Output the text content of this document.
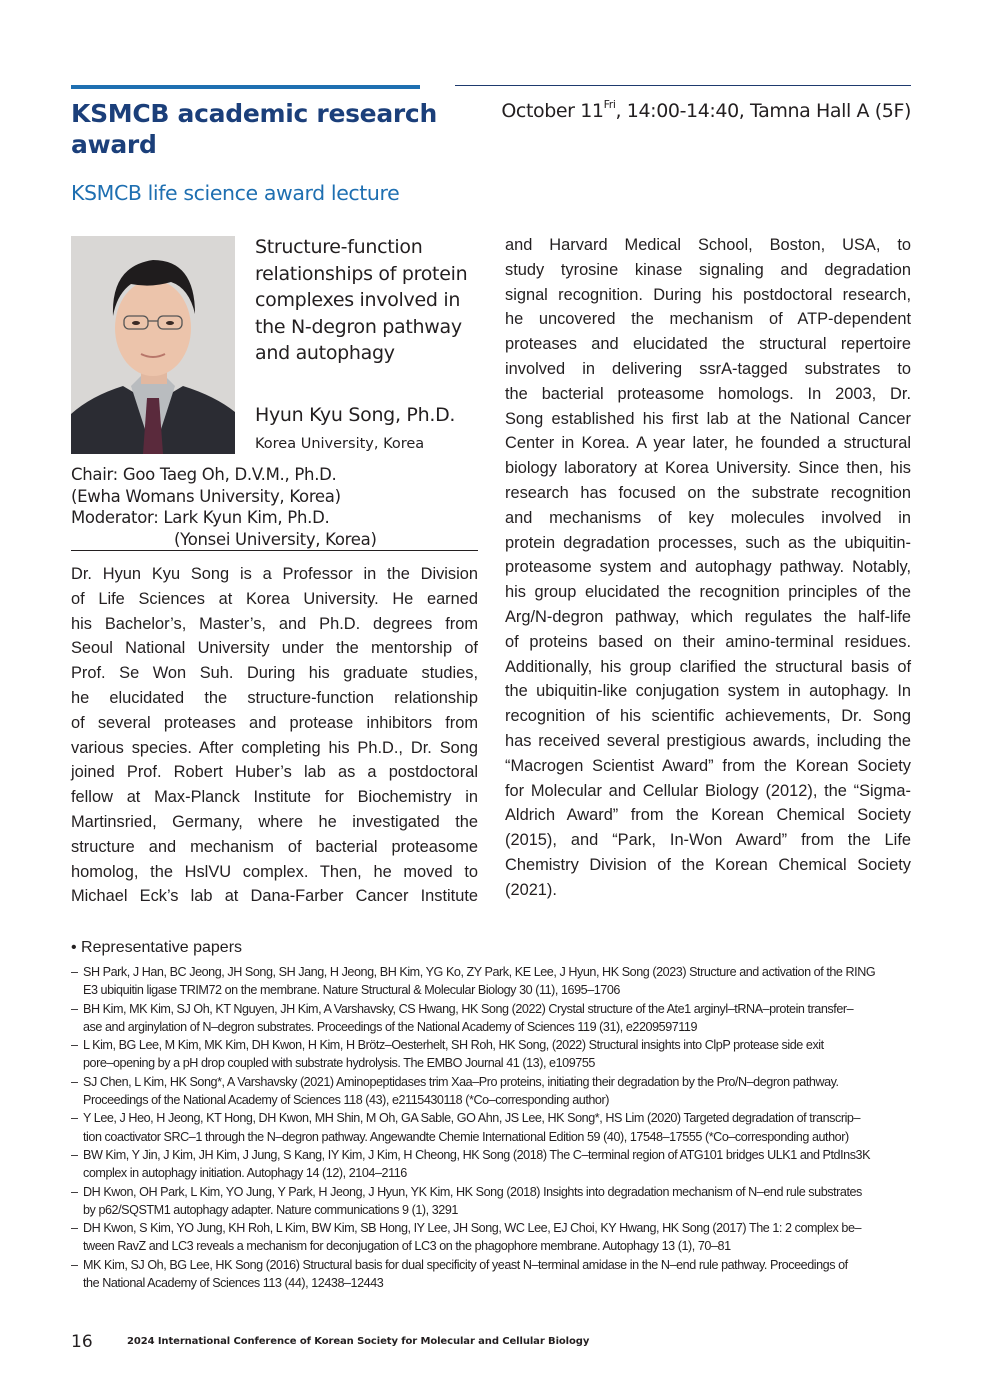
KSMCB academic research award
October $11^{Fri}$, 14:00-14:40, Tamna Hall A (5F)
KSMCB life science award lecture
Structure-function relationships of protein complexes involved in the N-degron pathway and autophagy
Hyun Kyu Song, Ph.D.
Korea University, Korea
Chair: Goo Taeg Oh, D.V.M., Ph.D.
(Ewha Womans University, Korea)
Moderator: Lark Kyun Kim, Ph.D.
(Yonsei University, Korea)
Dr. Hyun Kyu Song is a Professor in the Division
of Life Sciences at Korea University. He earned
his Bachelor’s, Master’s, and Ph.D. degrees from
Seoul National University under the mentorship of
Prof. Se Won Suh. During his graduate studies,
he elucidated the structure-function relationship
of several proteases and protease inhibitors from
various species. After completing his Ph.D., Dr. Song
joined Prof. Robert Huber’s lab as a postdoctoral
fellow at Max-Planck Institute for Biochemistry in
Martinsried, Germany, where he investigated the
structure and mechanism of bacterial proteasome
homolog, the HslVU complex. Then, he moved to
Michael Eck’s lab at Dana-Farber Cancer Institute
and Harvard Medical School, Boston, USA, to
study tyrosine kinase signaling and degradation
signal recognition. During his postdoctoral research,
he uncovered the mechanism of ATP-dependent
proteases and elucidated the structural repertoire
involved in delivering ssrA-tagged substrates to
the bacterial proteasome homologs. In 2003, Dr.
Song established his first lab at the National Cancer
Center in Korea. A year later, he founded a structural
biology laboratory at Korea University. Since then, his
research has focused on the substrate recognition
and mechanisms of key molecules involved in
protein degradation processes, such as the ubiquitin-
proteasome system and autophagy pathway. Notably,
his group elucidated the recognition principles of the
Arg/N-degron pathway, which regulates the half-life
of proteins based on their amino-terminal residues.
Additionally, his group clarified the structural basis of
the ubiquitin-like conjugation system in autophagy. In
recognition of his scientific achievements, Dr. Song
has received several prestigious awards, including the
“Macrogen Scientist Award” from the Korean Society
for Molecular and Cellular Biology (2012), the “Sigma-
Aldrich Award” from the Korean Chemical Society
(2015), and “Park, In-Won Award” from the Life
Chemistry Division of the Korean Chemical Society
(2021).
• Representative papers
– SH Park, J Han, BC Jeong, JH Song, SH Jang, H Jeong, BH Kim, YG Ko, ZY Park, KE Lee, J Hyun, HK Song (2023) Structure and activation of the RING
E3 ubiquitin ligase TRIM72 on the membrane. Nature Structural & Molecular Biology 30 (11), 1695–1706
– BH Kim, MK Kim, SJ Oh, KT Nguyen, JH Kim, A Varshavsky, CS Hwang, HK Song (2022) Crystal structure of the Ate1 arginyl–tRNA–protein transfer–
ase and arginylation of N–degron substrates. Proceedings of the National Academy of Sciences 119 (31), e2209597119
– L Kim, BG Lee, M Kim, MK Kim, DH Kwon, H Kim, H Brötz–Oesterhelt, SH Roh, HK Song, (2022) Structural insights into ClpP protease side exit
pore–opening by a pH drop coupled with substrate hydrolysis. The EMBO Journal 41 (13), e109755
– SJ Chen, L Kim, HK Song*, A Varshavsky (2021) Aminopeptidases trim Xaa–Pro proteins, initiating their degradation by the Pro/N–degron pathway.
Proceedings of the National Academy of Sciences 118 (43), e2115430118 (*Co–corresponding author)
– Y Lee, J Heo, H Jeong, KT Hong, DH Kwon, MH Shin, M Oh, GA Sable, GO Ahn, JS Lee, HK Song*, HS Lim (2020) Targeted degradation of transcrip–
tion coactivator SRC–1 through the N–degron pathway. Angewandte Chemie International Edition 59 (40), 17548–17555 (*Co–corresponding author)
– BW Kim, Y Jin, J Kim, JH Kim, J Jung, S Kang, IY Kim, J Kim, H Cheong, HK Song (2018) The C–terminal region of ATG101 bridges ULK1 and PtdIns3K
complex in autophagy initiation. Autophagy 14 (12), 2104–2116
– DH Kwon, OH Park, L Kim, YO Jung, Y Park, H Jeong, J Hyun, YK Kim, HK Song (2018) Insights into degradation mechanism of N–end rule substrates
by p62/SQSTM1 autophagy adapter. Nature communications 9 (1), 3291
– DH Kwon, S Kim, YO Jung, KH Roh, L Kim, BW Kim, SB Hong, IY Lee, JH Song, WC Lee, EJ Choi, KY Hwang, HK Song (2017) The 1: 2 complex be–
tween RavZ and LC3 reveals a mechanism for deconjugation of LC3 on the phagophore membrane. Autophagy 13 (1), 70–81
– MK Kim, SJ Oh, BG Lee, HK Song (2016) Structural basis for dual specificity of yeast N–terminal amidase in the N–end rule pathway. Proceedings of
the National Academy of Sciences 113 (44), 12438–12443
16	2024 International Conference of Korean Society for Molecular and Cellular Biology
